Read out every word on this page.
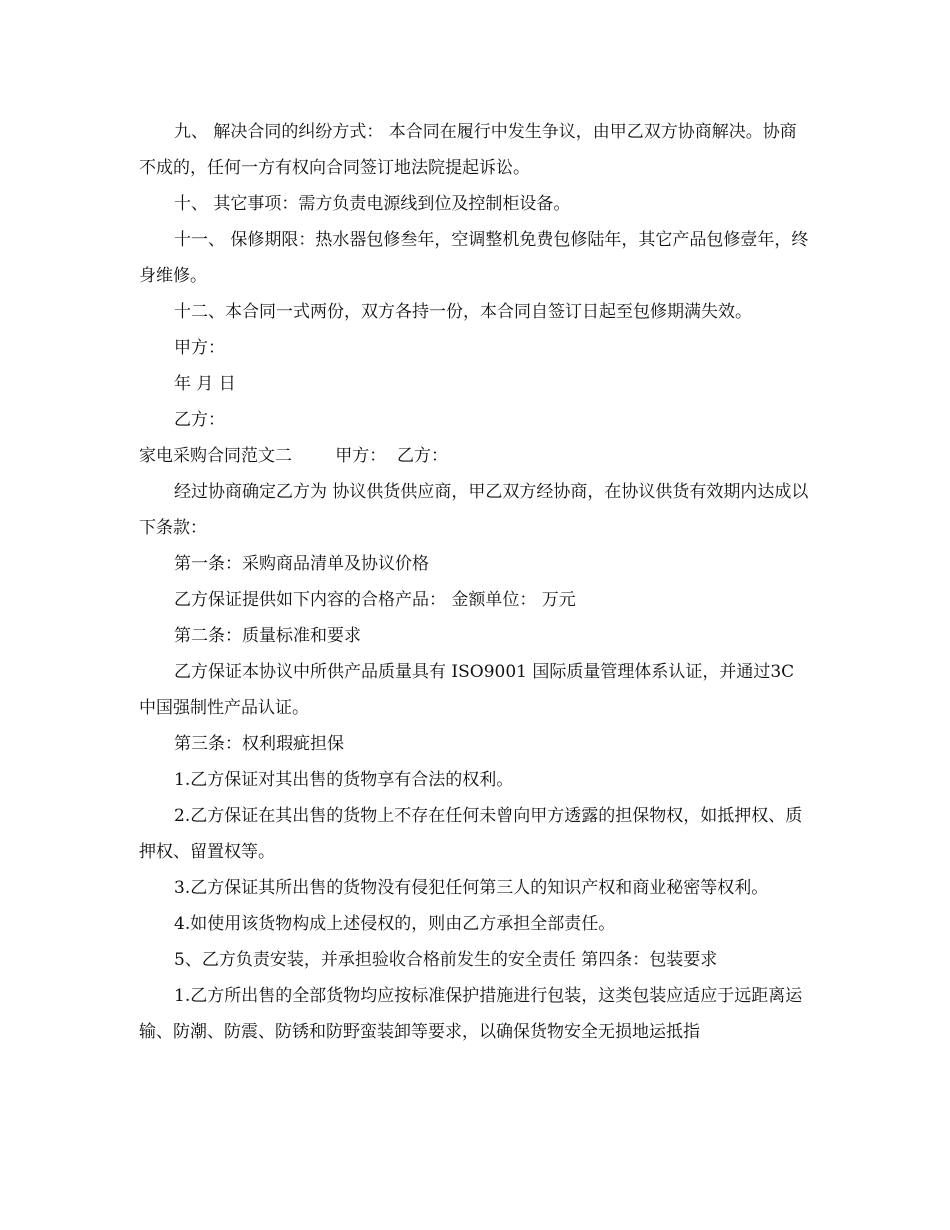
九、 解决合同的纠纷方式： 本合同在履行中发生争议，由甲乙双方协商解决。协商不成的，任何一方有权向合同签订地法院提起诉讼。

十、 其它事项：需方负责电源线到位及控制柜设备。

十一、 保修期限：热水器包修叁年，空调整机免费包修陆年，其它产品包修壹年，终身维修。

十二、本合同一式两份，双方各持一份，本合同自签订日起至包修期满失效。

甲方：

年 月 日

乙方：

家电采购合同范文二        甲方：  乙方：

经过协商确定乙方为 协议供货供应商，甲乙双方经协商，在协议供货有效期内达成以下条款：

第一条：采购商品清单及协议价格

乙方保证提供如下内容的合格产品： 金额单位： 万元

第二条：质量标准和要求

乙方保证本协议中所供产品质量具有 ISO9001 国际质量管理体系认证，并通过3C 中国强制性产品认证。

第三条：权利瑕疵担保

1.乙方保证对其出售的货物享有合法的权利。

2.乙方保证在其出售的货物上不存在任何未曾向甲方透露的担保物权，如抵押权、质押权、留置权等。

3.乙方保证其所出售的货物没有侵犯任何第三人的知识产权和商业秘密等权利。

4.如使用该货物构成上述侵权的，则由乙方承担全部责任。

5、乙方负责安装，并承担验收合格前发生的安全责任 第四条：包装要求

1.乙方所出售的全部货物均应按标准保护措施进行包装，这类包装应适应于远距离运输、防潮、防震、防锈和防野蛮装卸等要求，以确保货物安全无损地运抵指
